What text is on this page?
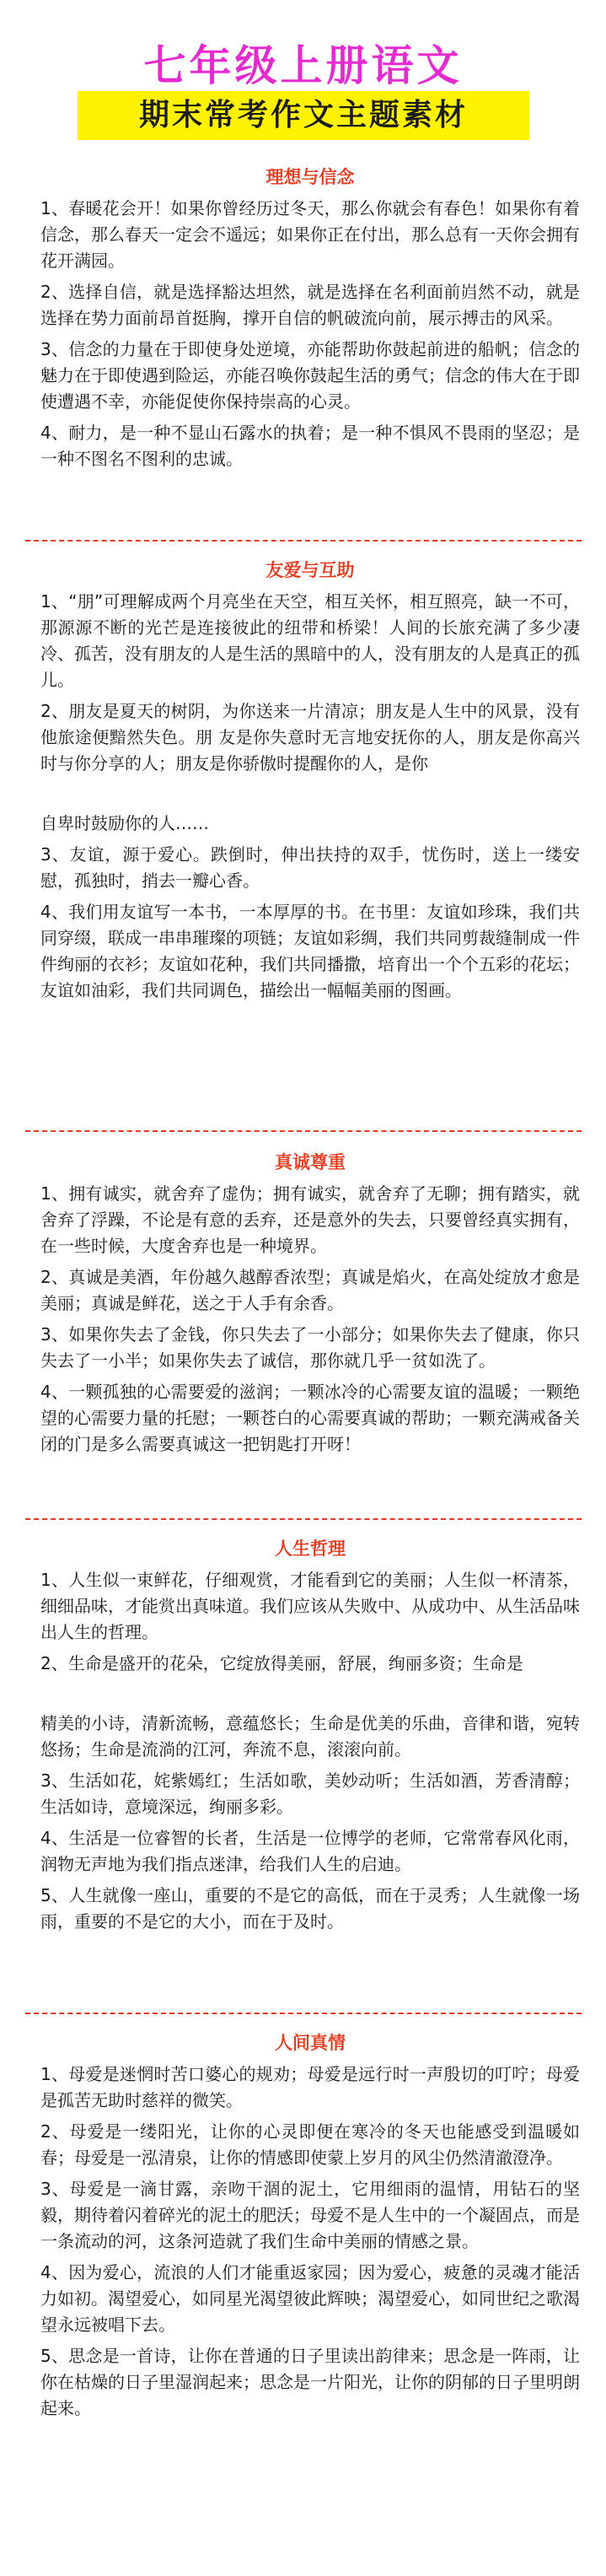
七年级上册语文
期末常考作文主题素材
理想与信念

1、春暖花会开！如果你曾经历过冬天，那么你就会有春色！如果你有着信念，那么春天一定会不遥远；如果你正在付出，那么总有一天你会拥有花开满园。

2、选择自信，就是选择豁达坦然，就是选择在名利面前岿然不动，就是选择在势力面前昂首挺胸，撑开自信的帆破流向前，展示搏击的风采。

3、信念的力量在于即使身处逆境，亦能帮助你鼓起前进的船帆；信念的魅力在于即使遇到险运，亦能召唤你鼓起生活的勇气；信念的伟大在于即使遭遇不幸，亦能促使你保持崇高的心灵。

4、耐力，是一种不显山石露水的执着；是一种不惧风不畏雨的坚忍；是一种不图名不图利的忠诚。

友爱与互助

1、“朋”可理解成两个月亮坐在天空，相互关怀，相互照亮，缺一不可，那源源不断的光芒是连接彼此的纽带和桥梁！人间的长旅充满了多少凄冷、孤苦，没有朋友的人是生活的黑暗中的人，没有朋友的人是真正的孤儿。

2、朋友是夏天的树阴，为你送来一片清凉；朋友是人生中的风景，没有他旅途便黯然失色。朋 友是你失意时无言地安抚你的人，朋友是你高兴时与你分享的人；朋友是你骄傲时提醒你的人，是你

自卑时鼓励你的人……

3、友谊，源于爱心。跌倒时，伸出扶持的双手，忧伤时，送上一缕安慰，孤独时，捎去一瓣心香。

4、我们用友谊写一本书，一本厚厚的书。在书里：友谊如珍珠，我们共同穿缀，联成一串串璀璨的项链；友谊如彩绸，我们共同剪裁缝制成一件件绚丽的衣衫；友谊如花种，我们共同播撒，培育出一个个五彩的花坛；友谊如油彩，我们共同调色，描绘出一幅幅美丽的图画。

真诚尊重

1、拥有诚实，就舍弃了虚伪；拥有诚实，就舍弃了无聊；拥有踏实，就舍弃了浮躁，不论是有意的丢弃，还是意外的失去，只要曾经真实拥有，在一些时候，大度舍弃也是一种境界。

2、真诚是美酒，年份越久越醇香浓型；真诚是焰火，在高处绽放才愈是美丽；真诚是鲜花，送之于人手有余香。

3、如果你失去了金钱，你只失去了一小部分；如果你失去了健康，你只失去了一小半；如果你失去了诚信，那你就几乎一贫如洗了。

4、一颗孤独的心需要爱的滋润；一颗冰冷的心需要友谊的温暖；一颗绝望的心需要力量的托慰；一颗苍白的心需要真诚的帮助；一颗充满戒备关闭的门是多么需要真诚这一把钥匙打开呀！

人生哲理

1、人生似一束鲜花，仔细观赏，才能看到它的美丽；人生似一杯清茶，细细品味，才能赏出真味道。我们应该从失败中、从成功中、从生活品味出人生的哲理。

2、生命是盛开的花朵，它绽放得美丽，舒展，绚丽多资；生命是

精美的小诗，清新流畅，意蕴悠长；生命是优美的乐曲，音律和谐，宛转悠扬；生命是流淌的江河，奔流不息，滚滚向前。

3、生活如花，姹紫嫣红；生活如歌，美妙动听；生活如酒，芳香清醇；生活如诗，意境深远，绚丽多彩。

4、生活是一位睿智的长者，生活是一位博学的老师，它常常春风化雨，润物无声地为我们指点迷津，给我们人生的启迪。

5、人生就像一座山，重要的不是它的高低，而在于灵秀；人生就像一场雨，重要的不是它的大小，而在于及时。

人间真情

1、母爱是迷惘时苦口婆心的规劝；母爱是远行时一声殷切的叮咛；母爱是孤苦无助时慈祥的微笑。

2、母爱是一缕阳光，让你的心灵即便在寒冷的冬天也能感受到温暖如春；母爱是一泓清泉，让你的情感即使蒙上岁月的风尘仍然清澈澄净。

3、母爱是一滴甘露，亲吻干涸的泥土，它用细雨的温情，用钻石的坚毅，期待着闪着碎光的泥土的肥沃；母爱不是人生中的一个凝固点，而是一条流动的河，这条河造就了我们生命中美丽的情感之景。

4、因为爱心，流浪的人们才能重返家园；因为爱心，疲惫的灵魂才能活力如初。渴望爱心，如同星光渴望彼此辉映；渴望爱心，如同世纪之歌渴望永远被唱下去。

5、思念是一首诗，让你在普通的日子里读出韵律来；思念是一阵雨，让你在枯燥的日子里湿润起来；思念是一片阳光，让你的阴郁的日子里明朗起来。
